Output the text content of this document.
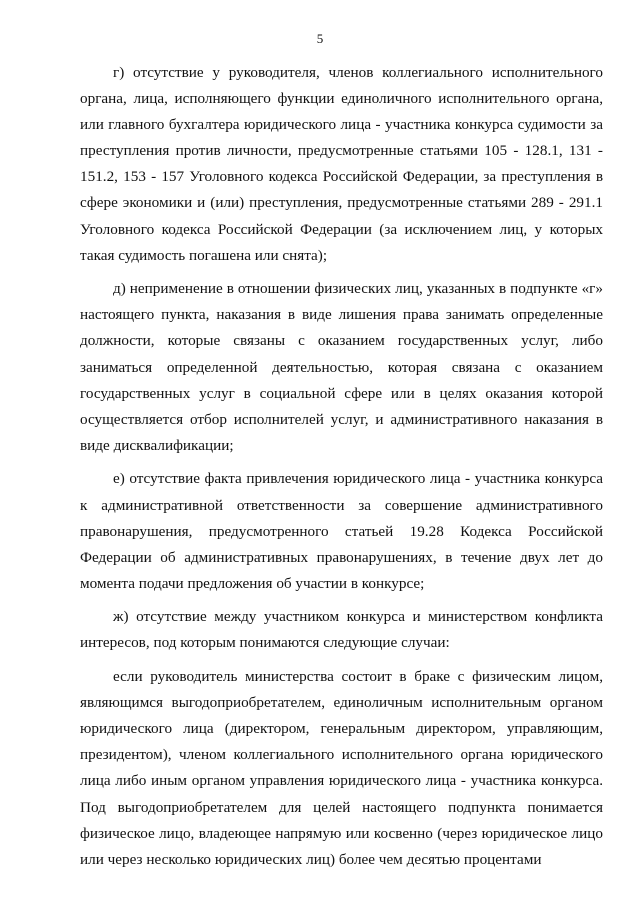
5

г) отсутствие у руководителя, членов коллегиального исполнительного органа, лица, исполняющего функции единоличного исполнительного органа, или главного бухгалтера юридического лица - участника конкурса судимости за преступления против личности, предусмотренные статьями 105 - 128.1, 131 - 151.2, 153 - 157 Уголовного кодекса Российской Федерации, за преступления в сфере экономики и (или) преступления, предусмотренные статьями 289 - 291.1 Уголовного кодекса Российской Федерации (за исключением лиц, у которых такая судимость погашена или снята);

д) неприменение в отношении физических лиц, указанных в подпункте «г» настоящего пункта, наказания в виде лишения права занимать определенные должности, которые связаны с оказанием государственных услуг, либо заниматься определенной деятельностью, которая связана с оказанием государственных услуг в социальной сфере или в целях оказания которой осуществляется отбор исполнителей услуг, и административного наказания в виде дисквалификации;

е) отсутствие факта привлечения юридического лица - участника конкурса к административной ответственности за совершение административного правонарушения, предусмотренного статьей 19.28 Кодекса Российской Федерации об административных правонарушениях, в течение двух лет до момента подачи предложения об участии в конкурсе;

ж) отсутствие между участником конкурса и министерством конфликта интересов, под которым понимаются следующие случаи:

если руководитель министерства состоит в браке с физическим лицом, являющимся выгодоприобретателем, единоличным исполнительным органом юридического лица (директором, генеральным директором, управляющим, президентом), членом коллегиального исполнительного органа юридического лица либо иным органом управления юридического лица - участника конкурса. Под выгодоприобретателем для целей настоящего подпункта понимается физическое лицо, владеющее напрямую или косвенно (через юридическое лицо или через несколько юридических лиц) более чем десятью процентами
